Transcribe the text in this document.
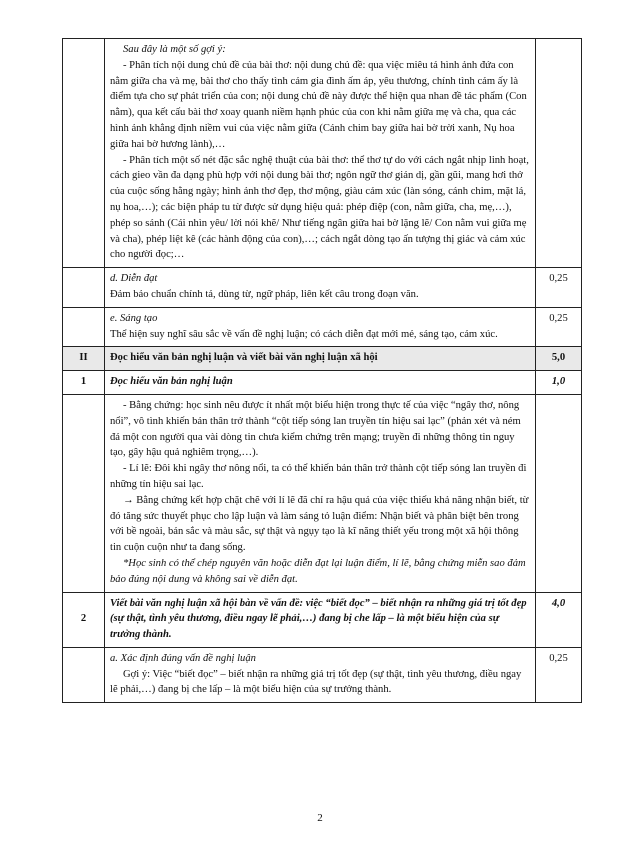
	Sau đây là một số gợi ý:

- Phân tích nội dung chủ đề của bài thơ: nội dung chủ đề: qua việc miêu tả hình ảnh đứa con nằm giữa cha và mẹ, bài thơ cho thấy tình cảm gia đình ấm áp, yêu thương, chính tình cảm ấy là điểm tựa cho sự phát triển của con; nội dung chủ đề này được thể hiện qua nhan đề tác phẩm (Con nằm), qua kết cấu bài thơ xoay quanh niềm hạnh phúc của con khi nằm giữa mẹ và cha, qua các hình ảnh khẳng định niềm vui của việc nằm giữa (Cánh chim bay giữa hai bờ trời xanh, Nụ hoa giữa hai bờ hương lành),…

- Phân tích một số nét đặc sắc nghệ thuật của bài thơ: thể thơ tự do với cách ngắt nhịp linh hoạt, cách gieo vần đa dạng phù hợp với nội dung bài thơ; ngôn ngữ thơ giản dị, gần gũi, mang hơi thở của cuộc sống hằng ngày; hình ảnh thơ đẹp, thơ mộng, giàu cảm xúc (làn sóng, cánh chim, mặt lá, nụ hoa,…); các biện pháp tu từ được sử dụng hiệu quả: phép điệp (con, nằm giữa, cha, mẹ,…), phép so sánh (Cái nhìn yêu/ lời nói khẽ/ Như tiếng ngân giữa hai bờ lặng lẽ/ Con nằm vui giữa mẹ và cha), phép liệt kê (các hành động của con),…; cách ngắt dòng tạo ấn tượng thị giác và cảm xúc cho người đọc;…	

	d. Diễn đạt

Đảm bảo chuẩn chính tả, dùng từ, ngữ pháp, liên kết câu trong đoạn văn.	0,25

	e. Sáng tạo

Thể hiện suy nghĩ sâu sắc về vấn đề nghị luận; có cách diễn đạt mới mẻ, sáng tạo, cảm xúc.	0,25
II	Đọc hiểu văn bản nghị luận và viết bài văn nghị luận xã hội	5,0
1	Đọc hiểu văn bản nghị luận	1,0

	- Bằng chứng: học sinh nêu được ít nhất một biểu hiện trong thực tế của việc “ngây thơ, nông nổi”, vô tình khiến bản thân trở thành “cột tiếp sóng lan truyền tín hiệu sai lạc” (phản xét và ném đá một con người qua vài dòng tin chưa kiểm chứng trên mạng; truyền đi những thông tin nguy tạo, gây hậu quả nghiêm trọng,…).

- Lí lẽ: Đôi khi ngây thơ nông nổi, ta có thể khiến bản thân trở thành cột tiếp sóng lan truyền đi những tín hiệu sai lạc.

→ Bằng chứng kết hợp chặt chẽ với lí lẽ đã chỉ ra hậu quả của việc thiếu khả năng nhận biết, từ đó tăng sức thuyết phục cho lập luận và làm sáng tỏ luận điểm: Nhận biết và phân biệt bên trong với bề ngoài, bản sắc và màu sắc, sự thật và ngụy tạo là kĩ năng thiết yếu trong một xã hội thông tin cuộn cuộn như ta đang sống.

*Học sinh có thể chép nguyên văn hoặc diễn đạt lại luận điểm, lí lẽ, bằng chứng miễn sao đảm bảo đúng nội dung và không sai về diễn đạt.	

2	Viết bài văn nghị luận xã hội bàn về vấn đề: việc “biết đọc” – biết nhận ra những giá trị tốt đẹp (sự thật, tình yêu thương, điều ngay lẽ phải,…) đang bị che lấp – là một biểu hiện của sự trưởng thành.	4,0

	a. Xác định đúng vấn đề nghị luận

Gợi ý: Việc “biết đọc” – biết nhận ra những giá trị tốt đẹp (sự thật, tình yêu thương, điều ngay lẽ phải,…) đang bị che lấp – là một biểu hiện của sự trưởng thành.	0,25
2
